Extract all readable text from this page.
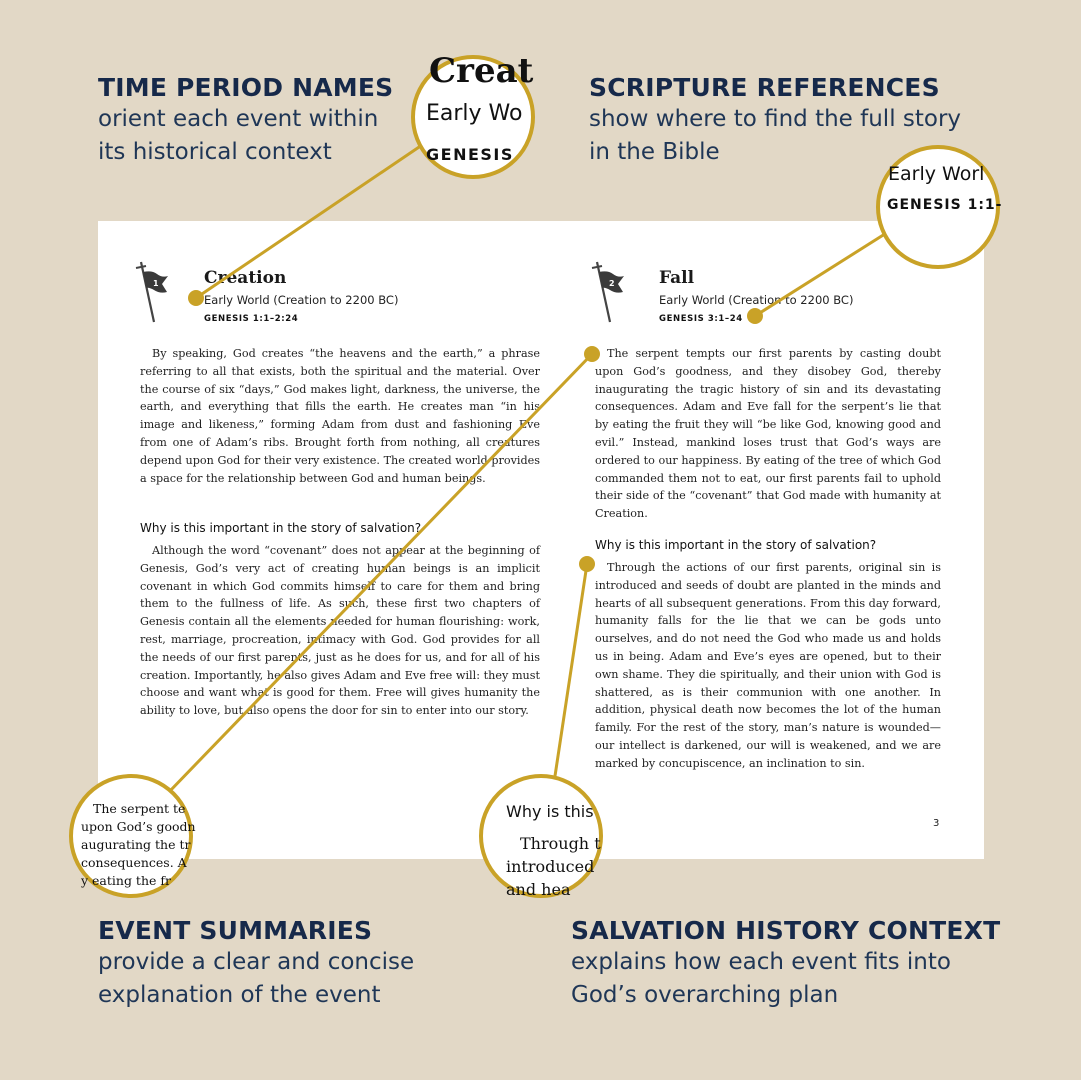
TIME PERIOD NAMES

orient each event within

its historical context

SCRIPTURE REFERENCES

show where to find the full story

in the Bible

EVENT SUMMARIES

provide a clear and concise

explanation of the event

SALVATION HISTORY CONTEXT

explains how each event fits into

God’s overarching plan

1	Creation
Early World (Creation to 2200 BC)
GENESIS 1:1–2:24
By speaking, God creates “the heavens and the earth,” a phrase referring to all that exists, both the spiritual and the material. Over the course of six “days,” God makes light, darkness, the universe, the earth, and everything that fills the earth. He creates man “in his image and likeness,” forming Adam from dust and fashioning Eve from one of Adam’s ribs. Brought forth from nothing, all creatures depend upon God for their very existence. The created world provides a space for the relationship between God and human beings.
Why is this important in the story of salvation?
Although the word “covenant” does not appear at the beginning of Genesis, God’s very act of creating human beings is an implicit covenant in which God commits himself to care for them and bring them to the fullness of life. As such, these first two chapters of Genesis contain all the elements needed for human flourishing: work, rest, marriage, procreation, intimacy with God. God provides for all the needs of our first parents, just as he does for us, and for all of his creation. Importantly, he also gives Adam and Eve free will: they must choose and want what is good for them. Free will gives humanity the ability to love, but also opens the door for sin to enter into our story.
2	Fall
Early World (Creation to 2200 BC)
GENESIS 3:1–24
The serpent tempts our first parents by casting doubt upon God’s goodness, and they disobey God, thereby inaugurating the tragic history of sin and its devastating consequences. Adam and Eve fall for the serpent’s lie that by eating the fruit they will “be like God, knowing good and evil.” Instead, mankind loses trust that God’s ways are ordered to our happiness. By eating of the tree of which God commanded them not to eat, our first parents fail to uphold their side of the “covenant” that God made with humanity at Creation.
Why is this important in the story of salvation?
Through the actions of our first parents, original sin is introduced and seeds of doubt are planted in the minds and hearts of all subsequent generations. From this day forward, humanity falls for the lie that we can be gods unto ourselves, and do not need the God who made us and holds us in being. Adam and Eve’s eyes are opened, but to their own shame. They die spiritually, and their union with God is shattered, as is their communion with one another. In addition, physical death now becomes the lot of the human family. For the rest of the story, man’s nature is wounded—our intellect is darkened, our will is weakened, and we are marked by concupiscence, an inclination to sin.
3
Creat
Early Wo
GENESIS
Early Worl
GENESIS 1:1-
The serpent te
upon God’s goodn
augurating the tr
consequences. A
y eating the fr
Why is this
Through t
introduced
and hea
